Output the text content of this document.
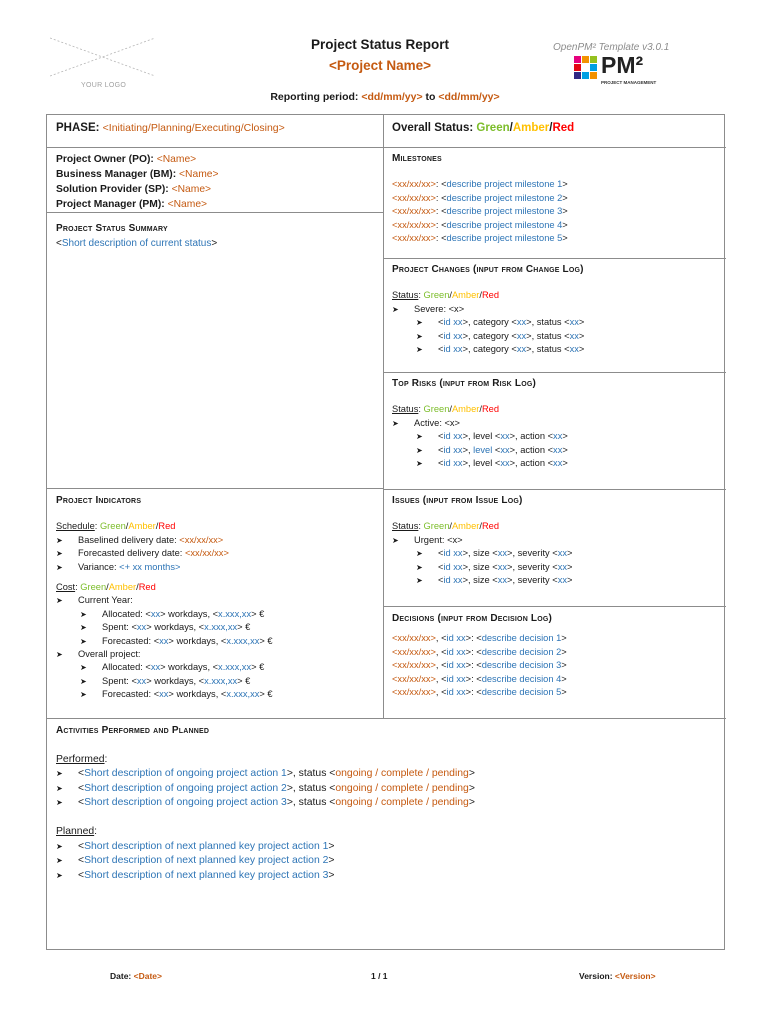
YOUR LOGO
Project Status Report
<Project Name>
Reporting period: <dd/mm/yy> to <dd/mm/yy>
OpenPM² Template v3.0.1
PM²
PROJECT MANAGEMENT
PHASE: <Initiating/Planning/Executing/Closing>	Overall Status: Green/Amber/Red
Project Owner (PO): <Name>
Business Manager (BM): <Name>
Solution Provider (SP): <Name>
Project Manager (PM): <Name>
Project Status Summary
<Short description of current status>
Milestones
<xx/xx/xx>: <describe project milestone 1>
<xx/xx/xx>: <describe project milestone 2>
<xx/xx/xx>: <describe project milestone 3>
<xx/xx/xx>: <describe project milestone 4>
<xx/xx/xx>: <describe project milestone 5>
Project Changes (input from Change Log)
Status: Green/Amber/Red
➤ Severe: <x>
➤ <id xx>, category <xx>, status <xx>
➤ <id xx>, category <xx>, status <xx>
➤ <id xx>, category <xx>, status <xx>
Top Risks (input from Risk Log)
Status: Green/Amber/Red
➤ Active: <x>
➤ <id xx>, level <xx>, action <xx>
➤ <id xx>, level <xx>, action <xx>
➤ <id xx>, level <xx>, action <xx>
Project Indicators
Schedule: Green/Amber/Red
➤ Baselined delivery date: <xx/xx/xx>
➤ Forecasted delivery date: <xx/xx/xx>
➤ Variance: <+ xx months>
Cost: Green/Amber/Red
➤ Current Year:
➤ Allocated: <xx> workdays, <x.xxx,xx> €
➤ Spent: <xx> workdays, <x.xxx,xx> €
➤ Forecasted: <xx> workdays, <x.xxx,xx> €
➤ Overall project:
➤ Allocated: <xx> workdays, <x.xxx,xx> €
➤ Spent: <xx> workdays, <x.xxx,xx> €
➤ Forecasted: <xx> workdays, <x.xxx,xx> €
Issues (input from Issue Log)
Status: Green/Amber/Red
➤ Urgent: <x>
➤ <id xx>, size <xx>, severity <xx>
➤ <id xx>, size <xx>, severity <xx>
➤ <id xx>, size <xx>, severity <xx>
Decisions (input from Decision Log)
<xx/xx/xx>, <id xx>: <describe decision 1>
<xx/xx/xx>, <id xx>: <describe decision 2>
<xx/xx/xx>, <id xx>: <describe decision 3>
<xx/xx/xx>, <id xx>: <describe decision 4>
<xx/xx/xx>, <id xx>: <describe decision 5>
Activities Performed and Planned
Performed:
➤ <Short description of ongoing project action 1>, status <ongoing / complete / pending>
➤ <Short description of ongoing project action 2>, status <ongoing / complete / pending>
➤ <Short description of ongoing project action 3>, status <ongoing / complete / pending>
Planned:
➤ <Short description of next planned key project action 1>
➤ <Short description of next planned key project action 2>
➤ <Short description of next planned key project action 3>
Date: <Date>	1 / 1	Version: <Version>
